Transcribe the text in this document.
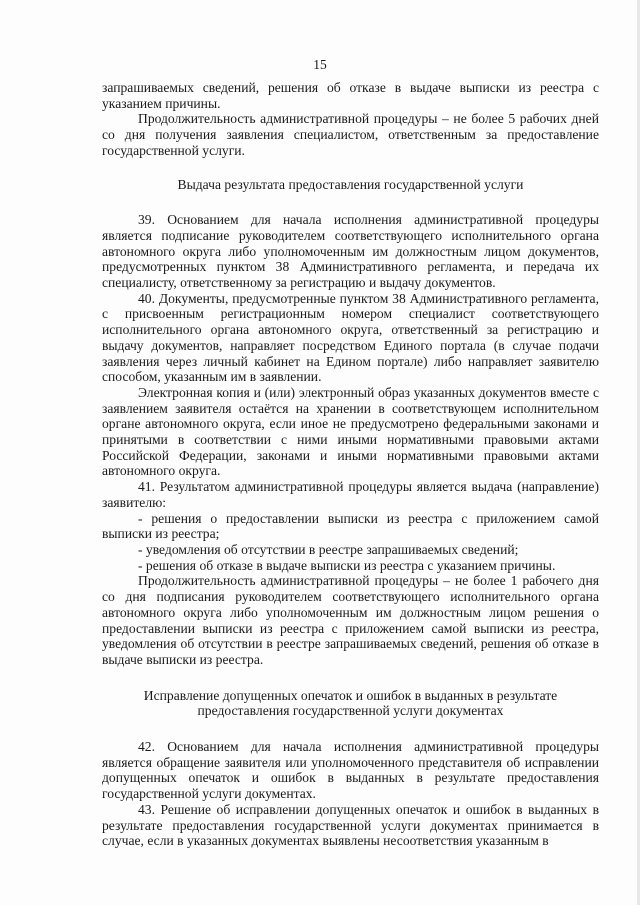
15

запрашиваемых сведений, решения об отказе в выдаче выписки из реестра с указанием причины.

Продолжительность административной процедуры – не более 5 рабочих дней со дня получения заявления специалистом, ответственным за предоставление государственной услуги.

Выдача результата предоставления государственной услуги

39. Основанием для начала исполнения административной процедуры является подписание руководителем соответствующего исполнительного органа автономного округа либо уполномоченным им должностным лицом документов, предусмотренных пунктом 38 Административного регламента, и передача их специалисту, ответственному за регистрацию и выдачу документов.

40. Документы, предусмотренные пунктом 38 Административного регламента, с присвоенным регистрационным номером специалист соответствующего исполнительного органа автономного округа, ответственный за регистрацию и выдачу документов, направляет посредством Единого портала (в случае подачи заявления через личный кабинет на Едином портале) либо направляет заявителю способом, указанным им в заявлении.

Электронная копия и (или) электронный образ указанных документов вместе с заявлением заявителя остаётся на хранении в соответствующем исполнительном органе автономного округа, если иное не предусмотрено федеральными законами и принятыми в соответствии с ними иными нормативными правовыми актами Российской Федерации, законами и иными нормативными правовыми актами автономного округа.

41. Результатом административной процедуры является выдача (направление) заявителю:

- решения о предоставлении выписки из реестра с приложением самой выписки из реестра;

- уведомления об отсутствии в реестре запрашиваемых сведений;

- решения об отказе в выдаче выписки из реестра с указанием причины.

Продолжительность административной процедуры – не более 1 рабочего дня со дня подписания руководителем соответствующего исполнительного органа автономного округа либо уполномоченным им должностным лицом решения о предоставлении выписки из реестра с приложением самой выписки из реестра, уведомления об отсутствии в реестре запрашиваемых сведений, решения об отказе в выдаче выписки из реестра.

Исправление допущенных опечаток и ошибок в выданных в результате предоставления государственной услуги документах

42. Основанием для начала исполнения административной процедуры является обращение заявителя или уполномоченного представителя об исправлении допущенных опечаток и ошибок в выданных в результате предоставления государственной услуги документах.

43. Решение об исправлении допущенных опечаток и ошибок в выданных в результате предоставления государственной услуги документах принимается в случае, если в указанных документах выявлены несоответствия указанным в
